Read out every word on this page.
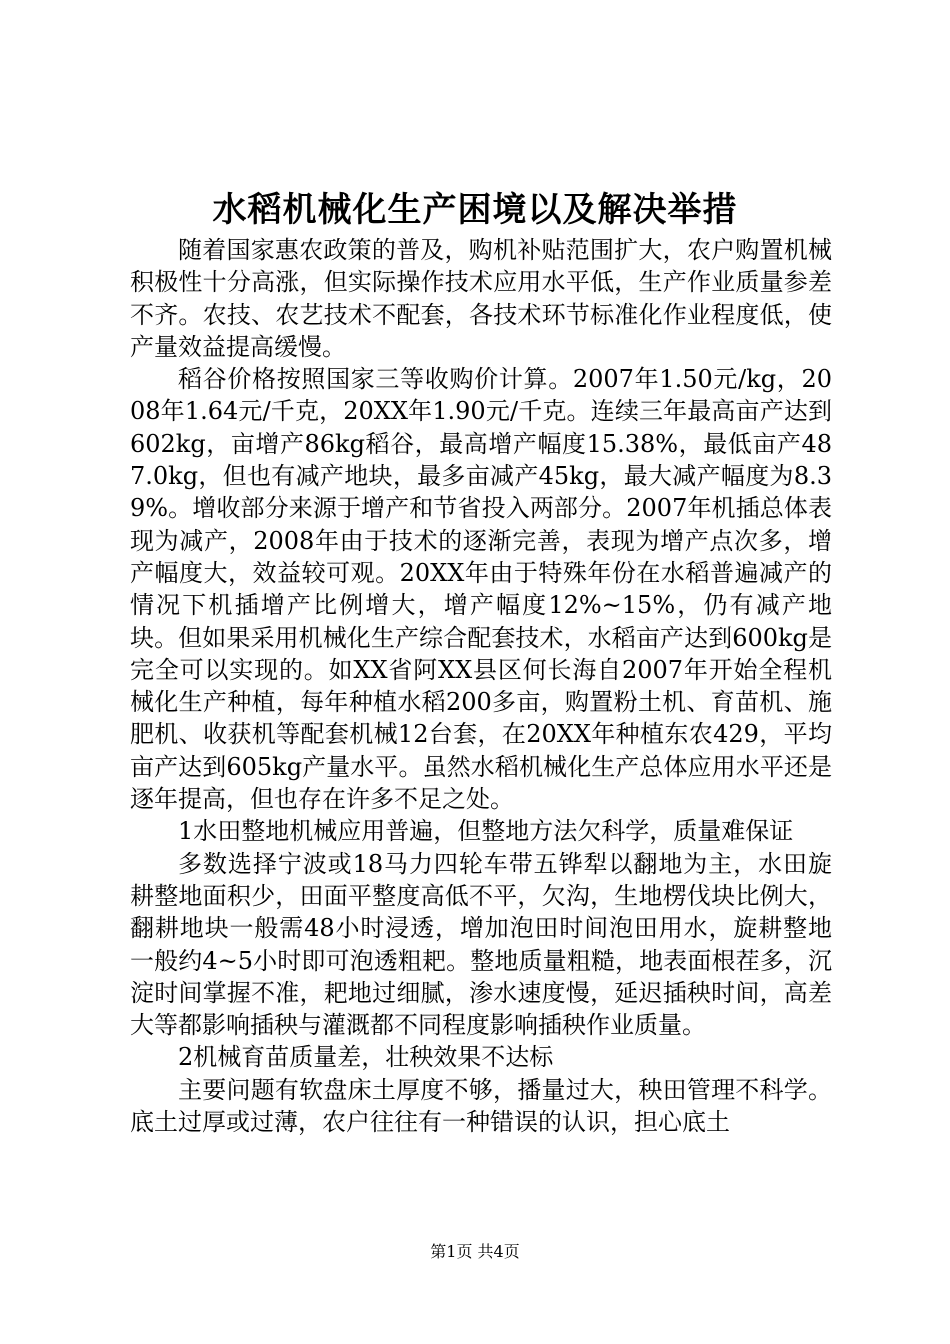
水稻机械化生产困境以及解决举措

随着国家惠农政策的普及，购机补贴范围扩大，农户购置机械积极性十分高涨，但实际操作技术应用水平低，生产作业质量参差不齐。农技、农艺技术不配套，各技术环节标准化作业程度低，使产量效益提高缓慢。

稻谷价格按照国家三等收购价计算。2007年1.50元/kg，2008年1.64元/千克，20XX年1.90元/千克。连续三年最高亩产达到602kg，亩增产86kg稻谷，最高增产幅度15.38%，最低亩产487.0kg，但也有减产地块，最多亩减产45kg，最大减产幅度为8.39%。增收部分来源于增产和节省投入两部分。2007年机插总体表现为减产，2008年由于技术的逐渐完善，表现为增产点次多，增产幅度大，效益较可观。20XX年由于特殊年份在水稻普遍减产的情况下机插增产比例增大，增产幅度12%~15%，仍有减产地块。但如果采用机械化生产综合配套技术，水稻亩产达到600kg是完全可以实现的。如XX省阿XX县区何长海自2007年开始全程机械化生产种植，每年种植水稻200多亩，购置粉土机、育苗机、施肥机、收获机等配套机械12台套，在20XX年种植东农429，平均亩产达到605kg产量水平。虽然水稻机械化生产总体应用水平还是逐年提高，但也存在许多不足之处。

1水田整地机械应用普遍，但整地方法欠科学，质量难保证

多数选择宁波或18马力四轮车带五铧犁以翻地为主，水田旋耕整地面积少，田面平整度高低不平，欠沟，生地楞伐块比例大，翻耕地块一般需48小时浸透，增加泡田时间泡田用水，旋耕整地一般约4~5小时即可泡透粗耙。整地质量粗糙，地表面根茬多，沉淀时间掌握不准，耙地过细腻，渗水速度慢，延迟插秧时间，高差大等都影响插秧与灌溉都不同程度影响插秧作业质量。

2机械育苗质量差，壮秧效果不达标

主要问题有软盘床土厚度不够，播量过大，秧田管理不科学。底土过厚或过薄，农户往往有一种错误的认识，担心底土

第1页 共4页
